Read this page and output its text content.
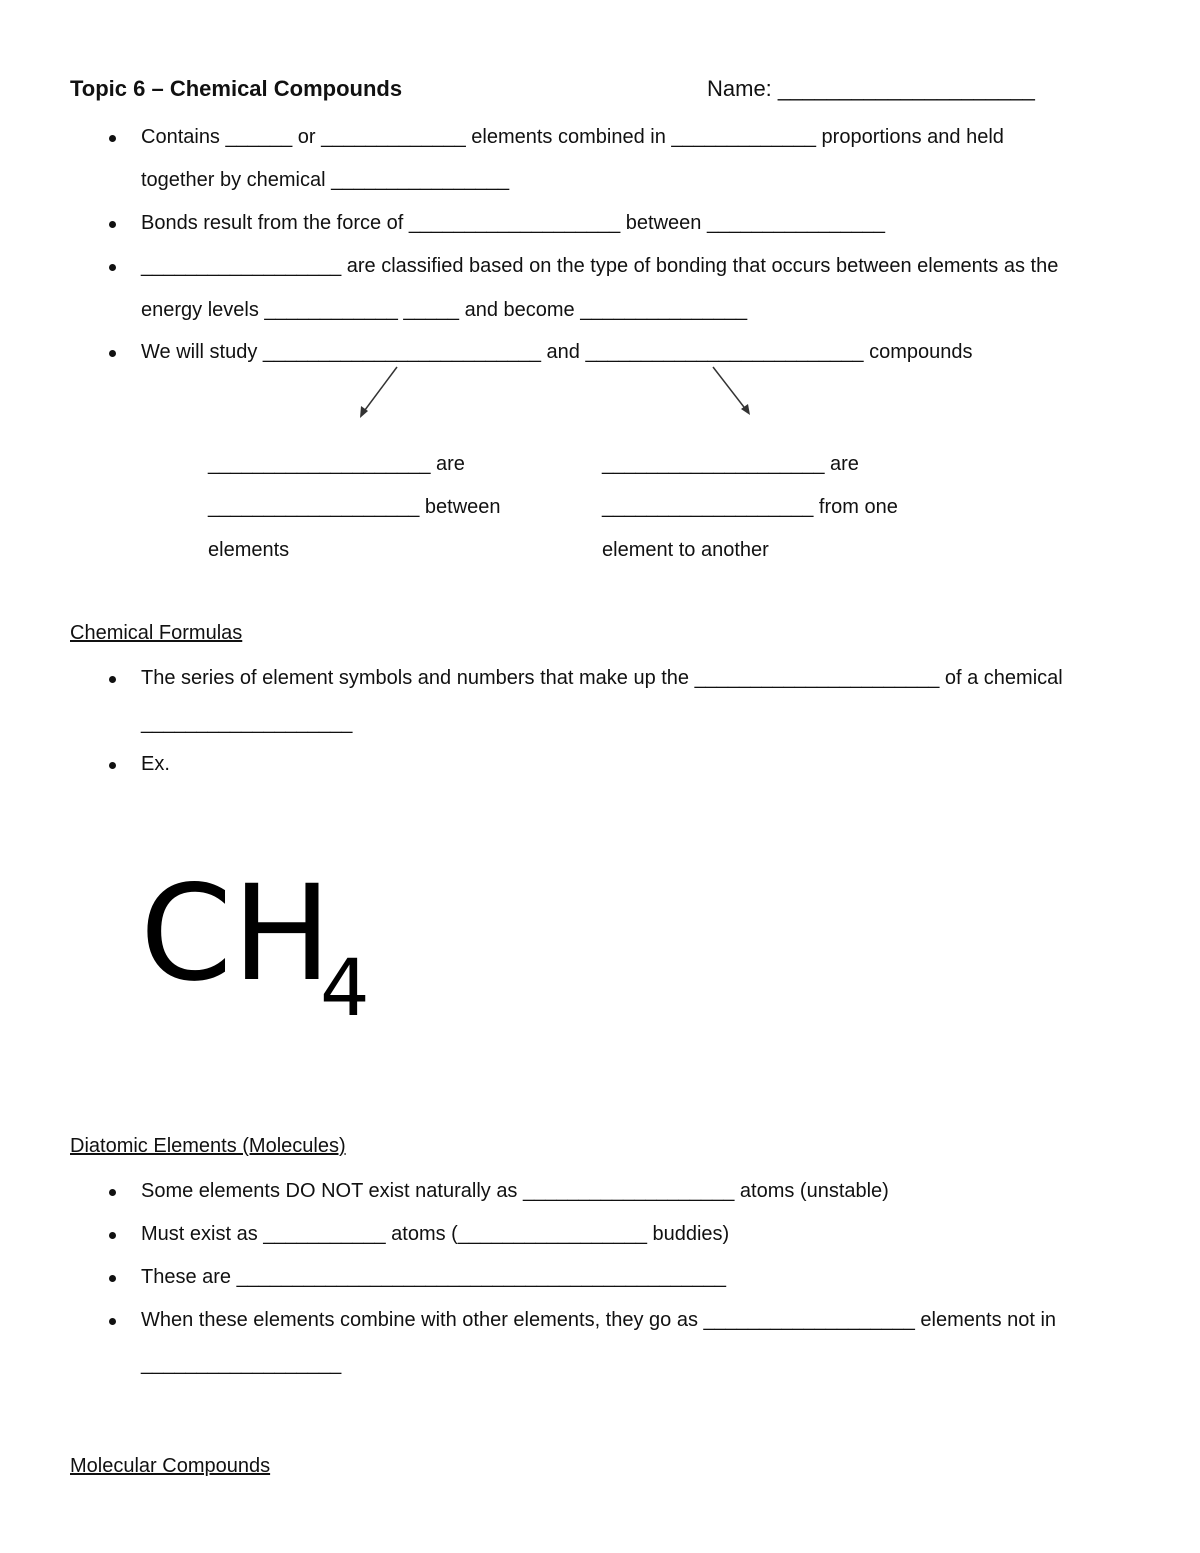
Topic 6 – Chemical Compounds	Name: _____________________
Contains ______ or _____________ elements combined in _____________ proportions and held
together by chemical ________________
Bonds result from the force of ___________________ between ________________
__________________ are classified based on the type of bonding that occurs between elements as the
energy levels ____________ _____ and become _______________
We will study _________________________ and _________________________ compounds
____________________ are
___________________ between
elements
____________________ are
___________________ from one
element to another
Chemical Formulas
The series of element symbols and numbers that make up the ______________________ of a chemical
___________________
Ex.
CH
4
Diatomic Elements (Molecules)
Some elements DO NOT exist naturally as ___________________ atoms (unstable)
Must exist as ___________ atoms (_________________ buddies)
These are ____________________________________________
When these elements combine with other elements, they go as ___________________ elements not in
__________________
Molecular Compounds
